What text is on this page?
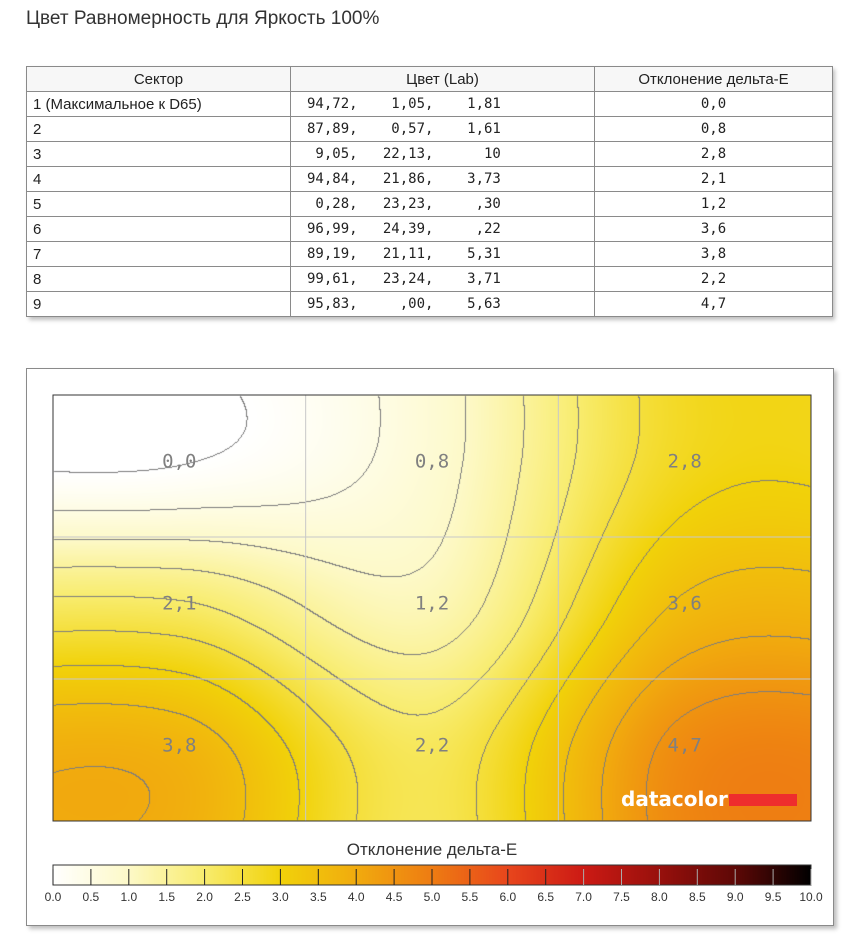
Цвет Равномерность для Яркость 100%
Сектор	Цвет (Lab)	Отклонение дельта-E
1 (Максимальное к D65)	94,72,    1,05,    1,81	0,0
2	87,89,    0,57,    1,61	0,8
3	9,05,   22,13,      10	2,8
4	94,84,   21,86,    3,73	2,1
5	0,28,   23,23,     ,30	1,2
6	96,99,   24,39,     ,22	3,6
7	89,19,   21,11,    5,31	3,8
8	99,61,   23,24,    3,71	2,2
9	95,83,     ,00,    5,63	4,7
0,0	0,8	2,8
2,1	1,2	3,6
3,8	2,2	4,7
datacolor
Отклонение дельта-E
0.0 0.5 1.0 1.5 2.0 2.5 3.0 3.5 4.0 4.5 5.0 5.5 6.0 6.5 7.0 7.5 8.0 8.5 9.0 9.5 10.0
